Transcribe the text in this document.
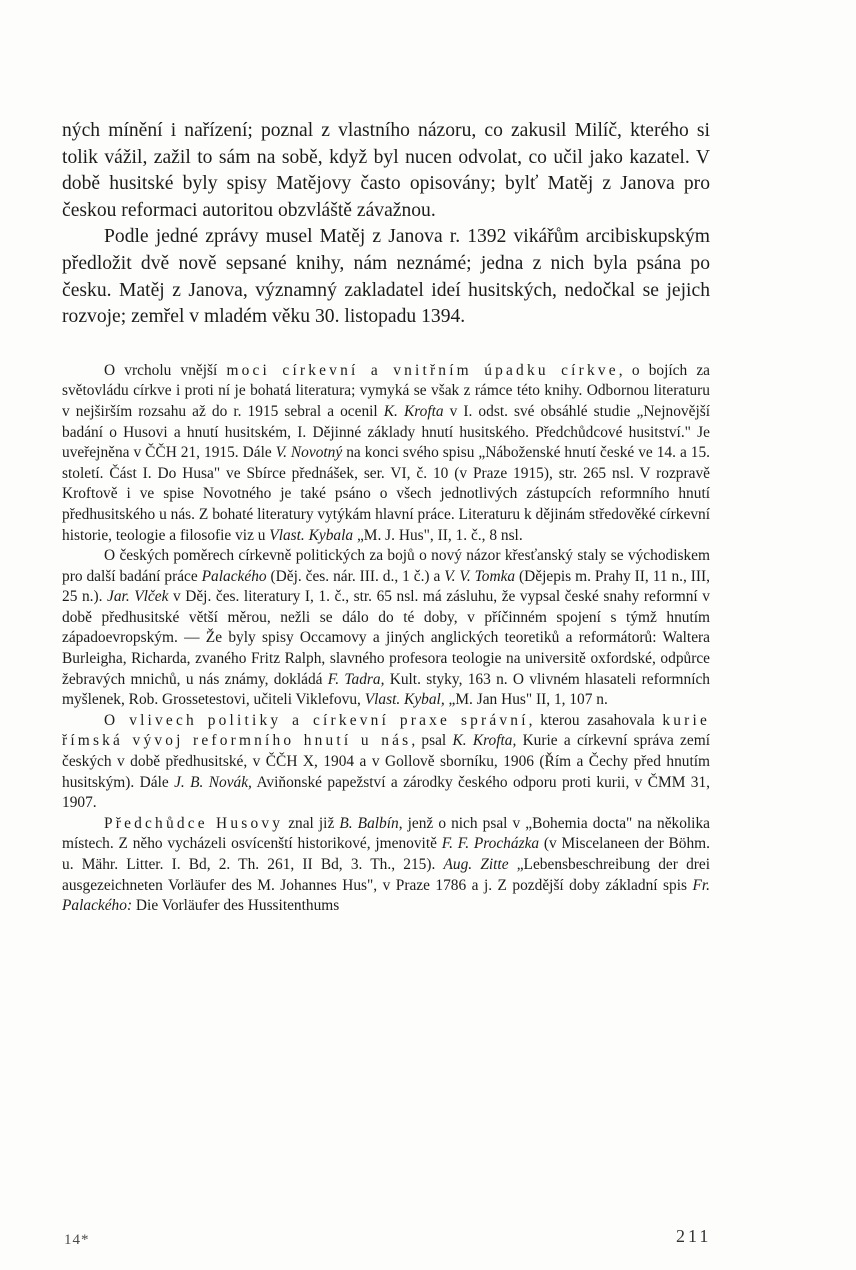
ných mínění i nařízení; poznal z vlastního názoru, co zakusil Milíč, kterého si tolik vážil, zažil to sám na sobě, když byl nucen odvolat, co učil jako kazatel. V době husitské byly spisy Matějovy často opisovány; bylť Matěj z Janova pro českou reformaci autoritou obzvláště závažnou.

Podle jedné zprávy musel Matěj z Janova r. 1392 vikářům arcibiskupským předložit dvě nově sepsané knihy, nám neznámé; jedna z nich byla psána po česku. Matěj z Janova, významný zakladatel ideí husitských, nedočkal se jejich rozvoje; zemřel v mladém věku 30. listopadu 1394.

O vrcholu vnější moci církevní a vnitřním úpadku církve, o bojích za světovládu církve i proti ní je bohatá literatura; vymyká se však z rámce této knihy. Odbornou literaturu v nejširším rozsahu až do r. 1915 sebral a ocenil K. Krofta v I. odst. své obsáhlé studie „Nejnovější badání o Husovi a hnutí husitském, I. Dějinné základy hnutí husitského. Předchůdcové husitství." Je uveřejněna v ČČH 21, 1915. Dále V. Novotný na konci svého spisu „Náboženské hnutí české ve 14. a 15. století. Část I. Do Husa" ve Sbírce přednášek, ser. VI, č. 10 (v Praze 1915), str. 265 nsl. V rozpravě Kroftově i ve spise Novotného je také psáno o všech jednotlivých zástupcích reformního hnutí předhusitského u nás. Z bohaté literatury vytýkám hlavní práce. Literaturu k dějinám středověké církevní historie, teologie a filosofie viz u Vlast. Kybala „M. J. Hus", II, 1. č., 8 nsl.

O českých poměrech církevně politických za bojů o nový názor křesťanský staly se východiskem pro další badání práce Palackého (Děj. čes. nár. III. d., 1 č.) a V. V. Tomka (Dějepis m. Prahy II, 11 n., III, 25 n.). Jar. Vlček v Děj. čes. literatury I, 1. č., str. 65 nsl. má zásluhu, že vypsal české snahy reformní v době předhusitské větší měrou, nežli se dálo do té doby, v příčinném spojení s týmž hnutím západoevropským. — Že byly spisy Occamovy a jiných anglických teoretiků a reformátorů: Waltera Burleigha, Richarda, zvaného Fritz Ralph, slavného profesora teologie na universitě oxfordské, odpůrce žebravých mnichů, u nás známy, dokládá F. Tadra, Kult. styky, 163 n. O vlivném hlasateli reformních myšlenek, Rob. Grossetestovi, učiteli Viklefovu, Vlast. Kybal, „M. Jan Hus" II, 1, 107 n.

O vlivech politiky a církevní praxe správní, kterou zasahovala kurie římská vývoj reformního hnutí u nás, psal K. Krofta, Kurie a církevní správa zemí českých v době předhusitské, v ČČH X, 1904 a v Gollově sborníku, 1906 (Řím a Čechy před hnutím husitským). Dále J. B. Novák, Aviňonské papežství a zárodky českého odporu proti kurii, v ČMM 31, 1907.

Předchůdce Husovy znal již B. Balbín, jenž o nich psal v „Bohemia docta" na několika místech. Z něho vycházeli osvícenští historikové, jmenovitě F. F. Procházka (v Miscelaneen der Böhm. u. Mähr. Litter. I. Bd, 2. Th. 261, II Bd, 3. Th., 215). Aug. Zitte „Lebensbeschreibung der drei ausgezeichneten Vorläufer des M. Johannes Hus", v Praze 1786 a j. Z pozdější doby základní spis Fr. Palackého: Die Vorläufer des Hussitenthums

14*	211
